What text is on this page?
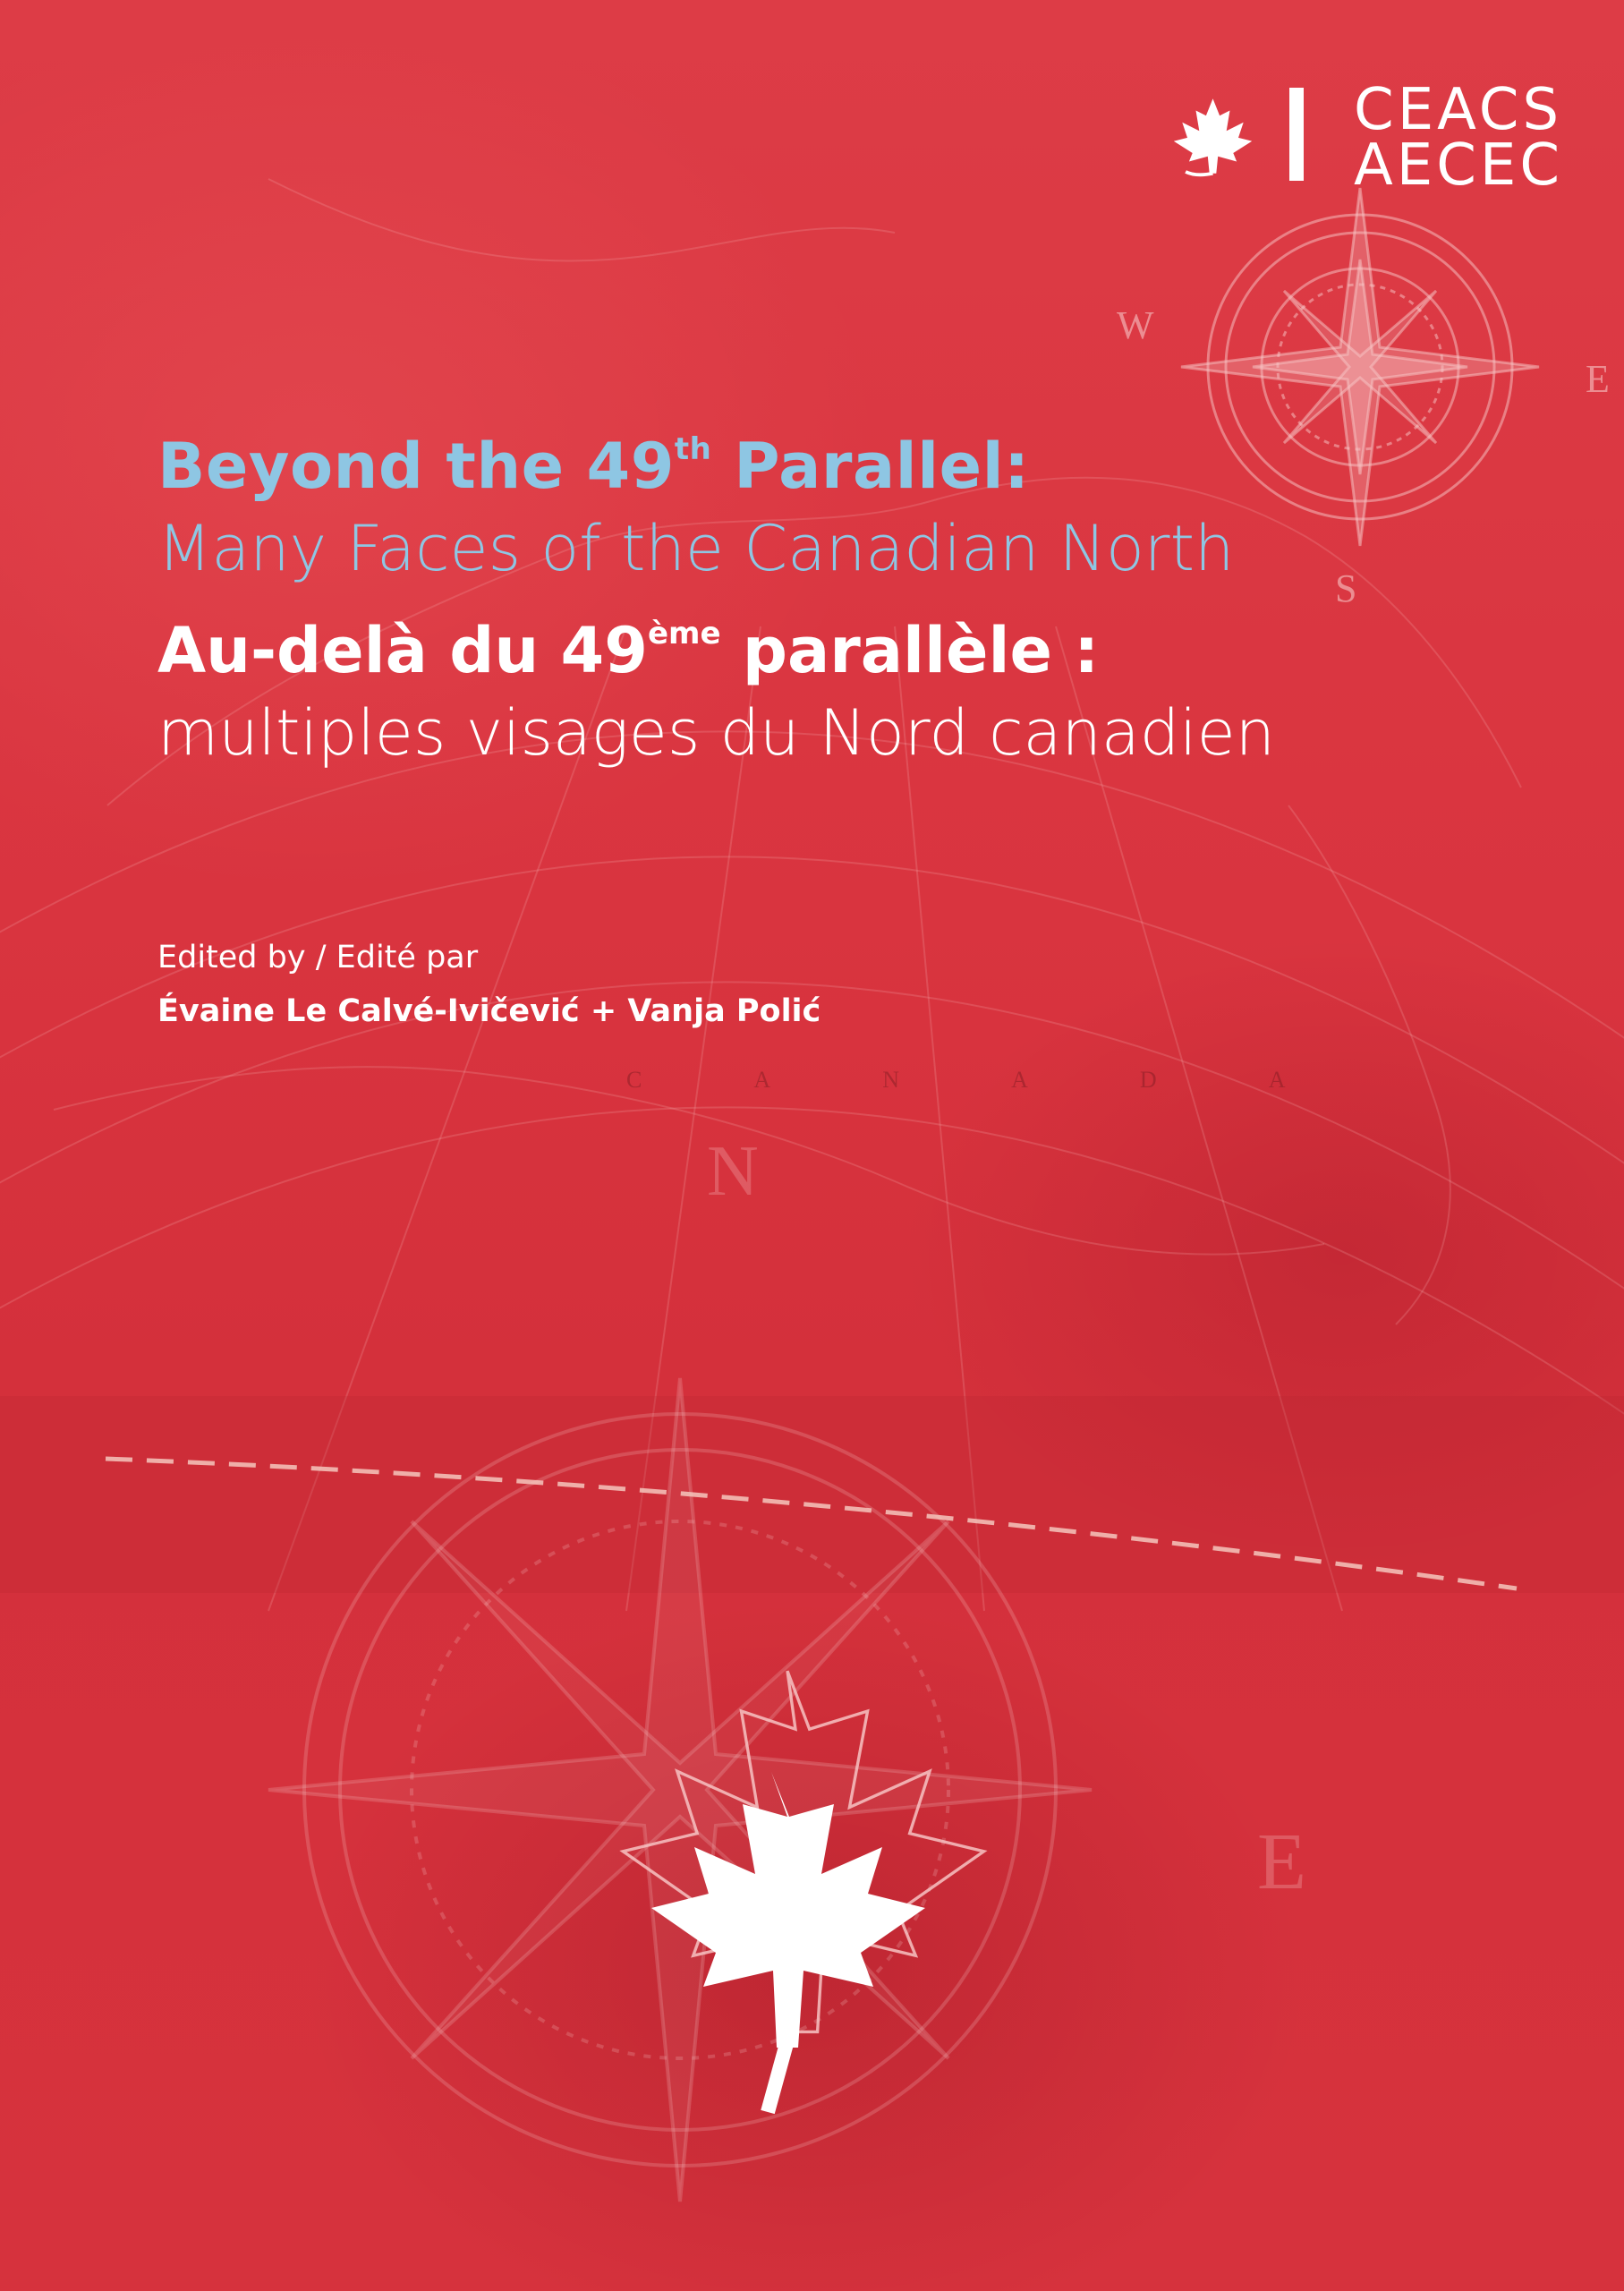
W
E
S
N
E
C A N A D A
CEACS
AECEC
Beyond the 49th Parallel:
Many Faces of the Canadian North
Au-delà du 49ème parallèle :
multiples visages du Nord canadien
Edited by / Edité par
Évaine Le Calvé-Ivičević + Vanja Polić
